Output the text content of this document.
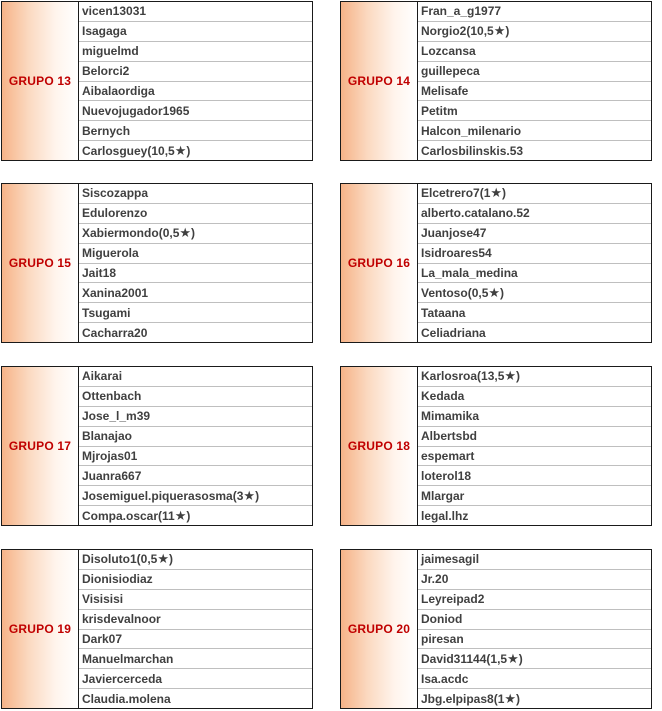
GRUPO 13
vicen13031
Isagaga
miguelmd
Belorci2
Aibalaordiga
Nuevojugador1965
Bernych
Carlosguey ( 10,5 ★ )
GRUPO 14
Fran_a_g1977
Norgio2 ( 10,5 ★ )
Lozcansa
guillepeca
Melisafe
Petitm
Halcon_milenario
Carlosbilinskis.53
GRUPO 15
Siscozappa
Edulorenzo
Xabiermondo ( 0,5 ★ )
Miguerola
Jait18
Xanina2001
Tsugami
Cacharra20
GRUPO 16
Elcetrero7 ( 1 ★ )
alberto.catalano.52
Juanjose47
Isidroares54
La_mala_medina
Ventoso ( 0,5 ★ )
Tataana
Celiadriana
GRUPO 17
Aikarai
Ottenbach
Jose_l_m39
Blanajao
Mjrojas01
Juanra667
Josemiguel.piquerasosma ( 3 ★ )
Compa.oscar ( 11 ★ )
GRUPO 18
Karlosroa ( 13,5 ★ )
Kedada
Mimamika
Albertsbd
espemart
loterol18
Mlargar
legal.lhz
GRUPO 19
Disoluto1 ( 0,5 ★ )
Dionisiodiaz
Visisisi
krisdevalnoor
Dark07
Manuelmarchan
Javiercerceda
Claudia.molena
GRUPO 20
jaimesagil
Jr.20
Leyreipad2
Doniod
piresan
David31144 ( 1,5 ★ )
Isa.acdc
Jbg.elpipas8 ( 1 ★ )
